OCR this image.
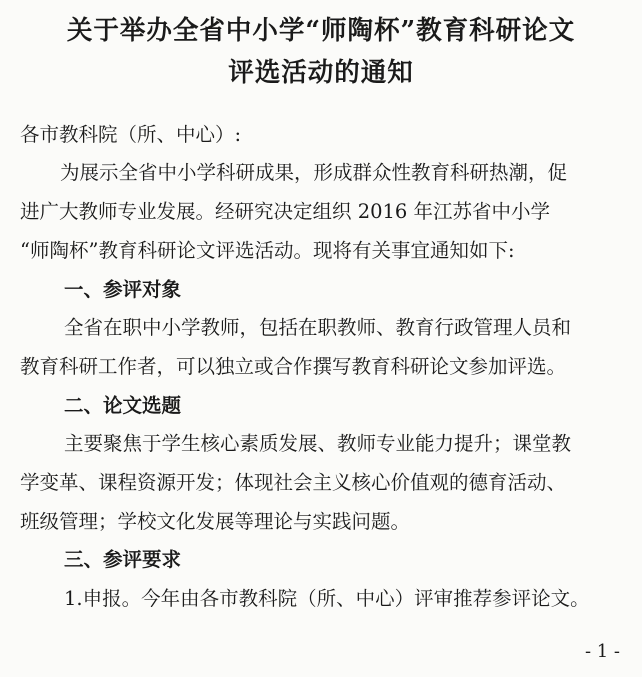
关于举办全省中小学“师陶杯”教育科研论文
评选活动的通知
各市教科院（所、中心）:
为展示全省中小学科研成果，形成群众性教育科研热潮，促
进广大教师专业发展。经研究决定组织 2016 年江苏省中小学
“师陶杯”教育科研论文评选活动。现将有关事宜通知如下:
一、参评对象
全省在职中小学教师，包括在职教师、教育行政管理人员和
教育科研工作者，可以独立或合作撰写教育科研论文参加评选。
二、论文选题
主要聚焦于学生核心素质发展、教师专业能力提升；课堂教
学变革、课程资源开发；体现社会主义核心价值观的德育活动、
班级管理；学校文化发展等理论与实践问题。
三、参评要求
1.申报。今年由各市教科院（所、中心）评审推荐参评论文。
- 1 -
